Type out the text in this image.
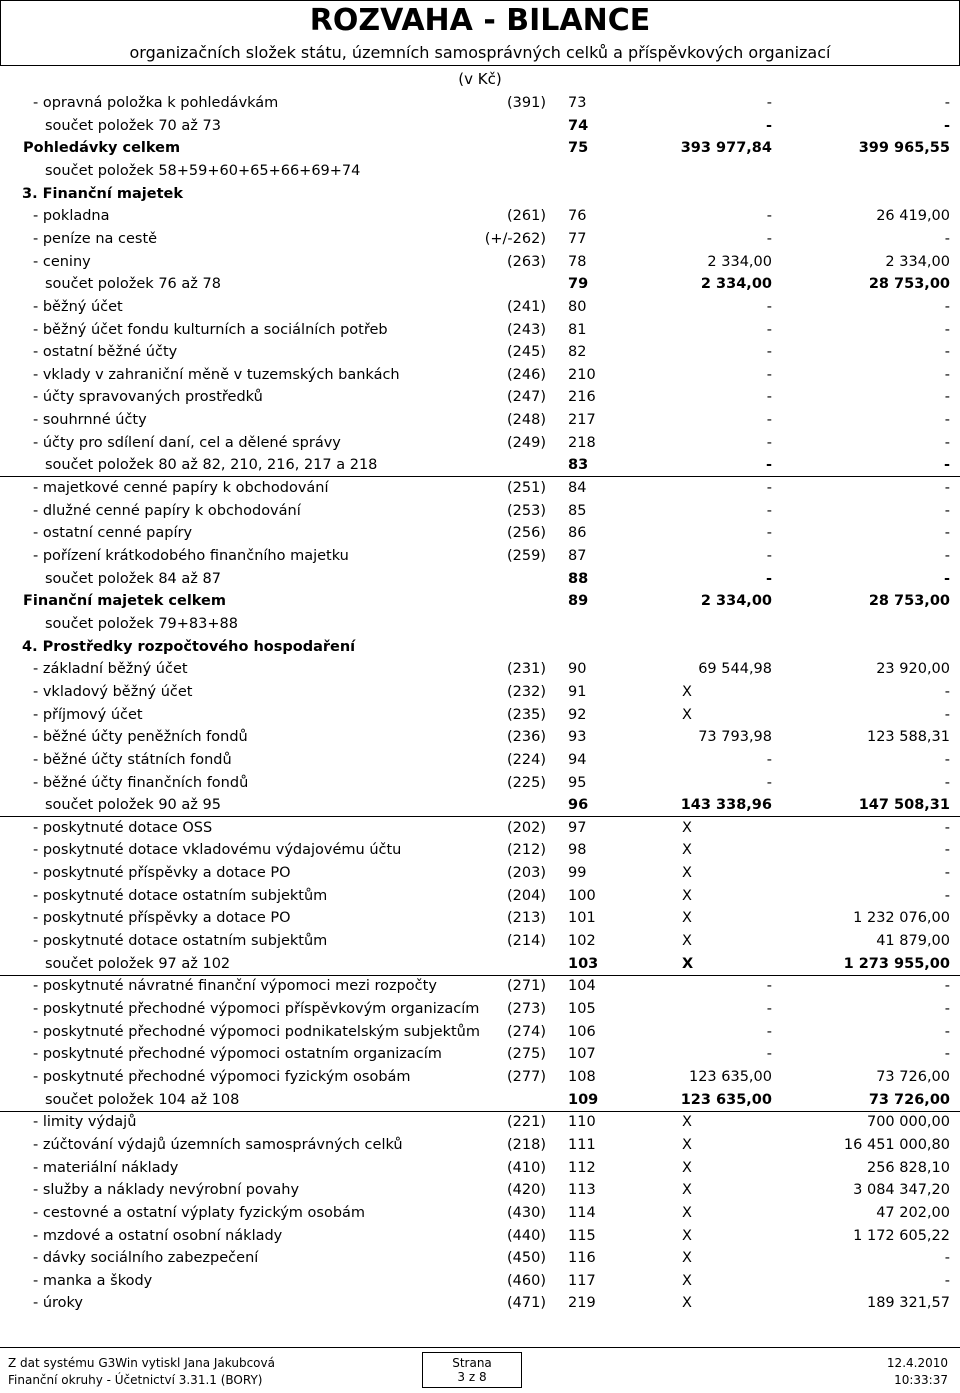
ROZVAHA - BILANCE
organizačních složek státu, územních samosprávných celků a příspěvkových organizací
(v Kč)
- opravná položka k pohledávkám	(391) 73	-	-
součet položek 70 až 73	74	-	-
Pohledávky celkem	75	393 977,84	399 965,55
součet položek 58+59+60+65+66+69+74
3. Finanční majetek
- pokladna	(261) 76	-	26 419,00
- peníze na cestě	(+/-262) 77	-	-
- ceniny	(263) 78	2 334,00	2 334,00
součet položek 76 až 78	79	2 334,00	28 753,00
- běžný účet	(241) 80	-	-
- běžný účet fondu kulturních a sociálních potřeb	(243) 81	-	-
- ostatní běžné účty	(245) 82	-	-
- vklady v zahraniční měně v tuzemských bankách	(246) 210	-	-
- účty spravovaných prostředků	(247) 216	-	-
- souhrnné účty	(248) 217	-	-
- účty pro sdílení daní, cel a dělené správy	(249) 218	-	-
součet položek 80 až 82, 210, 216, 217 a 218	83	-	-
- majetkové cenné papíry k obchodování	(251) 84	-	-
- dlužné cenné papíry k obchodování	(253) 85	-	-
- ostatní cenné papíry	(256) 86	-	-
- pořízení krátkodobého finančního majetku	(259) 87	-	-
součet položek 84 až 87	88	-	-
Finanční majetek celkem	89	2 334,00	28 753,00
součet položek 79+83+88
4. Prostředky rozpočtového hospodaření
- základní běžný účet	(231) 90	69 544,98	23 920,00
- vkladový běžný účet	(232) 91	X	-
- příjmový účet	(235) 92	X	-
- běžné účty peněžních fondů	(236) 93	73 793,98	123 588,31
- běžné účty státních fondů	(224) 94	-	-
- běžné účty finančních fondů	(225) 95	-	-
součet položek 90 až 95	96	143 338,96	147 508,31
- poskytnuté dotace OSS	(202) 97	X	-
- poskytnuté dotace vkladovému výdajovému účtu	(212) 98	X	-
- poskytnuté příspěvky a dotace PO	(203) 99	X	-
- poskytnuté dotace ostatním subjektům	(204) 100	X	-
- poskytnuté příspěvky a dotace PO	(213) 101	X	1 232 076,00
- poskytnuté dotace ostatním subjektům	(214) 102	X	41 879,00
součet položek 97 až 102	103	X	1 273 955,00
- poskytnuté návratné finanční výpomoci mezi rozpočty	(271) 104	-	-
- poskytnuté přechodné výpomoci příspěvkovým organizacím	(273) 105	-	-
- poskytnuté přechodné výpomoci podnikatelským subjektům	(274) 106	-	-
- poskytnuté přechodné výpomoci ostatním organizacím	(275) 107	-	-
- poskytnuté přechodné výpomoci fyzickým osobám	(277) 108	123 635,00	73 726,00
součet položek 104 až 108	109	123 635,00	73 726,00
- limity výdajů	(221) 110	X	700 000,00
- zúčtování výdajů územních samosprávných celků	(218) 111	X	16 451 000,80
- materiální náklady	(410) 112	X	256 828,10
- služby a náklady nevýrobní povahy	(420) 113	X	3 084 347,20
- cestovné a ostatní výplaty fyzickým osobám	(430) 114	X	47 202,00
- mzdové a ostatní osobní náklady	(440) 115	X	1 172 605,22
- dávky sociálního zabezpečení	(450) 116	X	-
- manka a škody	(460) 117	X	-
- úroky	(471) 219	X	189 321,57
Z dat systému G3Win vytiskl Jana Jakubcová
Finanční okruhy - Účetnictví 3.31.1 (BORY)
Strana
3 z 8
12.4.2010
10:33:37
